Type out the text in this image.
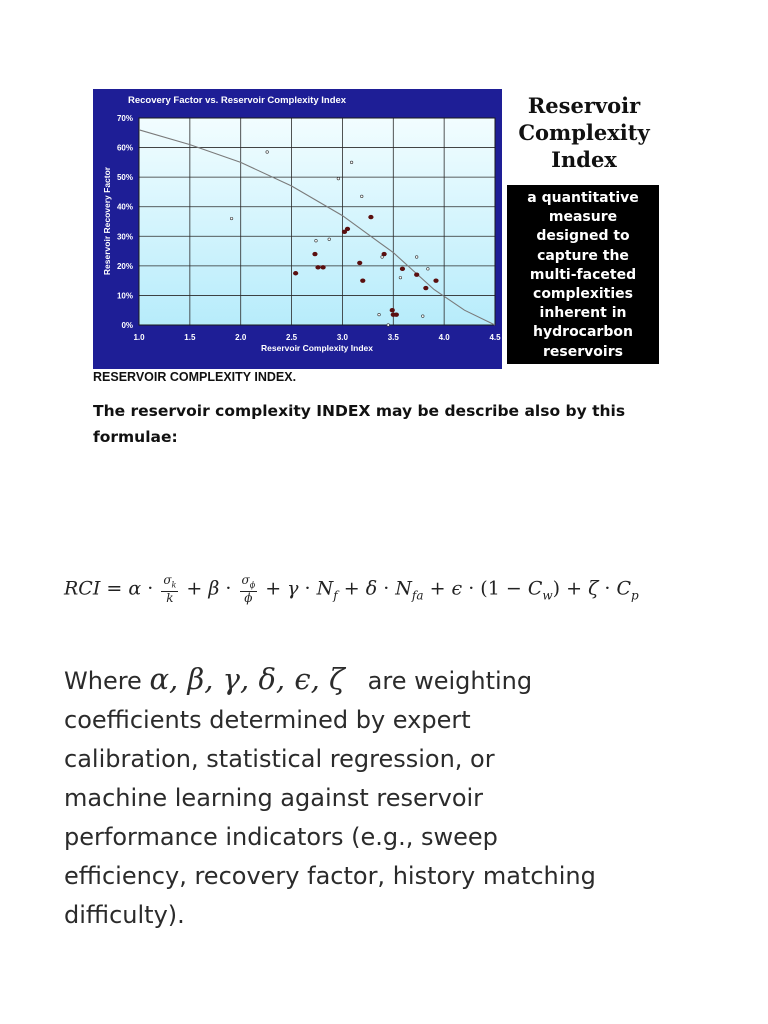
1.0	1.5	2.0	2.5	3.0	3.5	4.0	4.5
0%
10%
20%
30%
40%
50%
60%
70%
Recovery Factor vs. Reservoir Complexity Index
Reservoir Complexity Index
Reservoir Recovery Factor
Reservoir
Complexity
Index
a quantitative
measure
designed to
capture the
multi-faceted
complexities
inherent in
hydrocarbon
reservoirs
RESERVOIR COMPLEXITY INDEX.
The reservoir complexity INDEX may be describe also by this
formulae:
RCI = $\alpha \cdot \frac{\sigma_k}{k} + \beta \cdot \frac{\sigma_\phi}{\phi} + \gamma \cdot N_f + \delta \cdot N_{fa} + \epsilon \cdot (1 - C_w) + \zeta \cdot C_p$
Where α, β, γ, δ, ϵ, ζ are weighting
coefficients determined by expert
calibration, statistical regression, or
machine learning against reservoir
performance indicators (e.g., sweep
efficiency, recovery factor, history matching
difficulty).
